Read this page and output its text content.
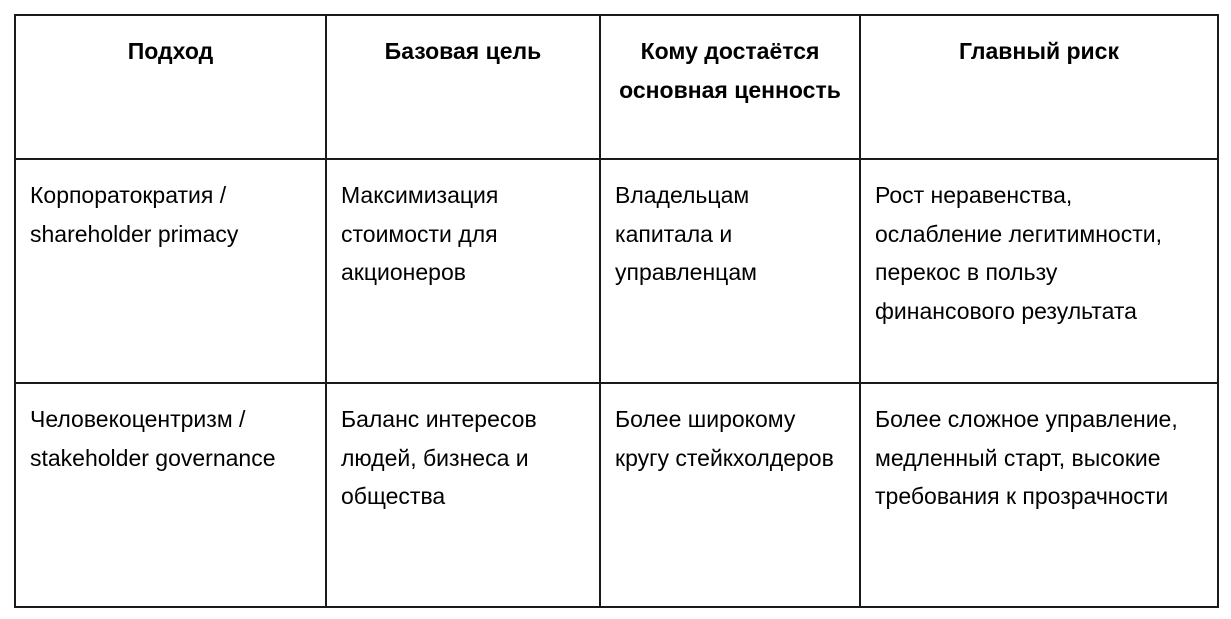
Подход	Базовая цель	Кому достаётся основная ценность	Главный риск
Корпоратократия / shareholder primacy	Максимизация стоимости для акционеров	Владельцам капитала и управленцам	Рост неравенства, ослабление легитимности, перекос в пользу финансового результата
Человекоцентризм / stakeholder governance	Баланс интересов людей, бизнеса и общества	Более широкому кругу стейкхолдеров	Более сложное управление, медленный старт, высокие требования к прозрачности
